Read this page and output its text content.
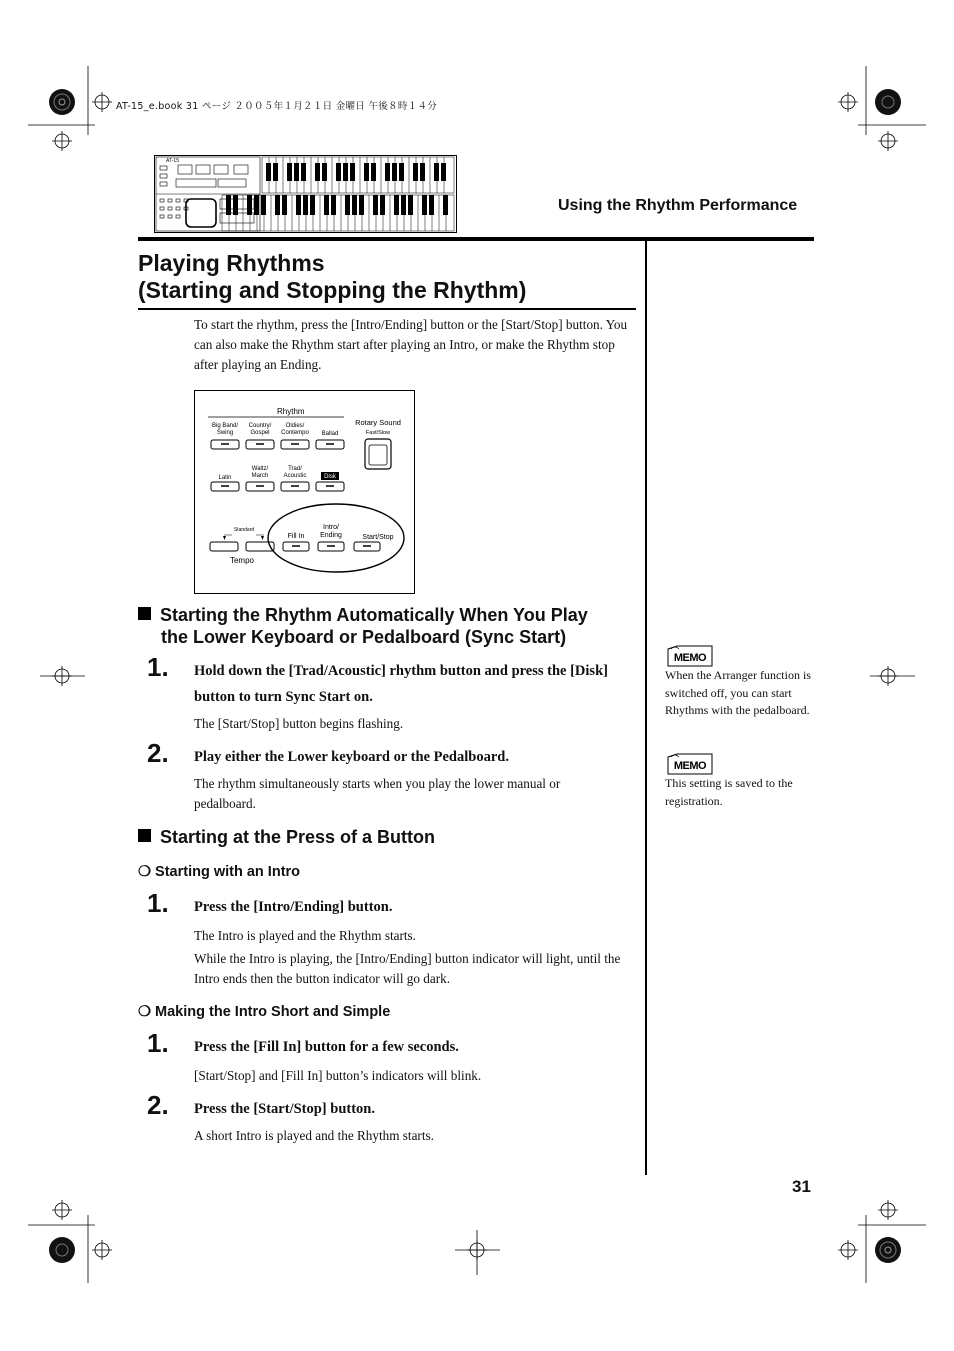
AT-15_e.book 31 ページ ２００５年１月２１日 金曜日 午後８時１４分
AT-15
Using the Rhythm Performance
Playing Rhythms
(Starting and Stopping the Rhythm)
To start the rhythm, press the [Intro/Ending] button or the [Start/Stop] button. You can also make the Rhythm start after playing an Intro, or make the Rhythm stop after playing an Ending.
Rhythm
Big Band/ Swing
Country/ Gospel
Oldies/ Contempo Ballad
Latin
Waltz/ March
Trad/ Acoustic	Disk
Rotary Sound
Fast/Slow
Standard
Tempo
Fill In
Intro/ Ending	Start/Stop
Starting the Rhythm Automatically When You Play
the Lower Keyboard or Pedalboard (Sync Start)
1. Hold down the [Trad/Acoustic] rhythm button and press the [Disk] button to turn Sync Start on.
The [Start/Stop] button begins flashing.
2. Play either the Lower keyboard or the Pedalboard.
The rhythm simultaneously starts when you play the lower manual or pedalboard.
Starting at the Press of a Button
❍ Starting with an Intro
1. Press the [Intro/Ending] button.
The Intro is played and the Rhythm starts.
While the Intro is playing, the [Intro/Ending] button indicator will light, until the Intro ends then the button indicator will go dark.
❍ Making the Intro Short and Simple
1. Press the [Fill In] button for a few seconds.
[Start/Stop] and [Fill In] button’s indicators will blink.
2. Press the [Start/Stop] button.
A short Intro is played and the Rhythm starts.
MEMO
When the Arranger function is switched off, you can start Rhythms with the pedalboard.
MEMO
This setting is saved to the registration.
31
